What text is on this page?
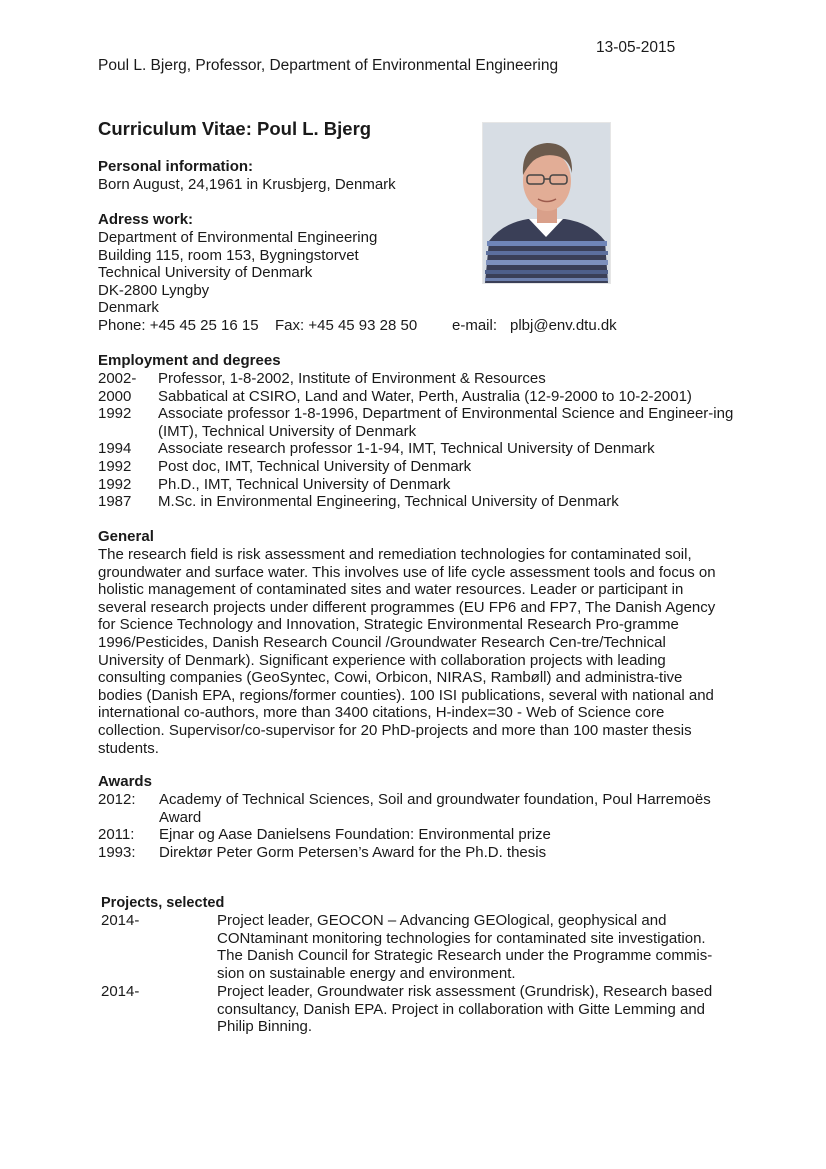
13-05-2015
Poul L. Bjerg, Professor, Department of Environmental Engineering
Curriculum Vitae: Poul L. Bjerg
Personal information:
Born August, 24,1961 in Krusbjerg, Denmark
Adress work:
Department of Environmental Engineering
Building 115, room 153, Bygningstorvet
Technical University of Denmark
DK-2800 Lyngby
Denmark
Phone: +45 45 25 16 15 Fax: +45 45 93 28 50 e-mail: plbj@env.dtu.dk
Employment and degrees
2002- Professor, 1-8-2002, Institute of Environment & Resources
2000 Sabbatical at CSIRO, Land and Water, Perth, Australia (12-9-2000 to 10-2-2001)
1992 Associate professor 1-8-1996, Department of Environmental Science and Engineer-ing (IMT), Technical University of Denmark
1994 Associate research professor 1-1-94, IMT, Technical University of Denmark
1992 Post doc, IMT, Technical University of Denmark
1992 Ph.D., IMT, Technical University of Denmark
1987 M.Sc. in Environmental Engineering, Technical University of Denmark
General
The research field is risk assessment and remediation technologies for contaminated soil, groundwater and surface water. This involves use of life cycle assessment tools and focus on holistic management of contaminated sites and water resources. Leader or participant in several research projects under different programmes (EU FP6 and FP7, The Danish Agency for Science Technology and Innovation, Strategic Environmental Research Pro-gramme 1996/Pesticides, Danish Research Council /Groundwater Research Cen-tre/Technical University of Denmark). Significant experience with collaboration projects with leading consulting companies (GeoSyntec, Cowi, Orbicon, NIRAS, Rambøll) and administra-tive bodies (Danish EPA, regions/former counties). 100 ISI publications, several with national and international co-authors, more than 3400 citations, H-index=30 - Web of Science core collection. Supervisor/co-supervisor for 20 PhD-projects and more than 100 master thesis students.
Awards
2012: Academy of Technical Sciences, Soil and groundwater foundation, Poul Harremoës Award
2011: Ejnar og Aase Danielsens Foundation: Environmental prize
1993: Direktør Peter Gorm Petersen’s Award for the Ph.D. thesis
Projects, selected
2014-	Project leader, GEOCON – Advancing GEOlogical, geophysical and CONtaminant monitoring technologies for contaminated site investigation. The Danish Council for Strategic Research under the Programme commis-sion on sustainable energy and environment.
2014-	Project leader, Groundwater risk assessment (Grundrisk), Research based consultancy, Danish EPA. Project in collaboration with Gitte Lemming and Philip Binning.
